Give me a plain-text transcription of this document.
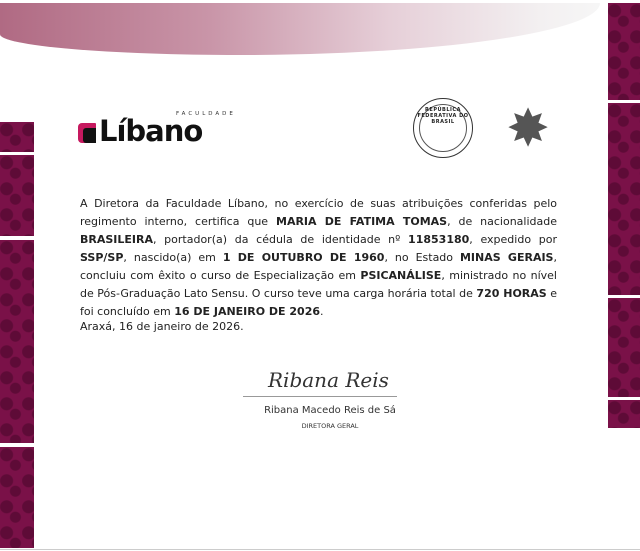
Líbano
FACULDADE
REPÚBLICA FEDERATIVA DO BRASIL ✸
A Diretora da Faculdade Líbano, no exercício de suas atribuições conferidas pelo regimento interno, certifica que MARIA DE FATIMA TOMAS, de nacionalidade BRASILEIRA, portador(a) da cédula de identidade nº 11853180, expedido por SSP/SP, nascido(a) em 1 DE OUTUBRO DE 1960, no Estado MINAS GERAIS, concluiu com êxito o curso de Especialização em PSICANÁLISE, ministrado no nível de Pós-Graduação Lato Sensu. O curso teve uma carga horária total de 720 HORAS e foi concluído em 16 DE JANEIRO DE 2026.
Araxá, 16 de janeiro de 2026.
Ribana Reis
Ribana Macedo Reis de Sá
DIRETORA GERAL
